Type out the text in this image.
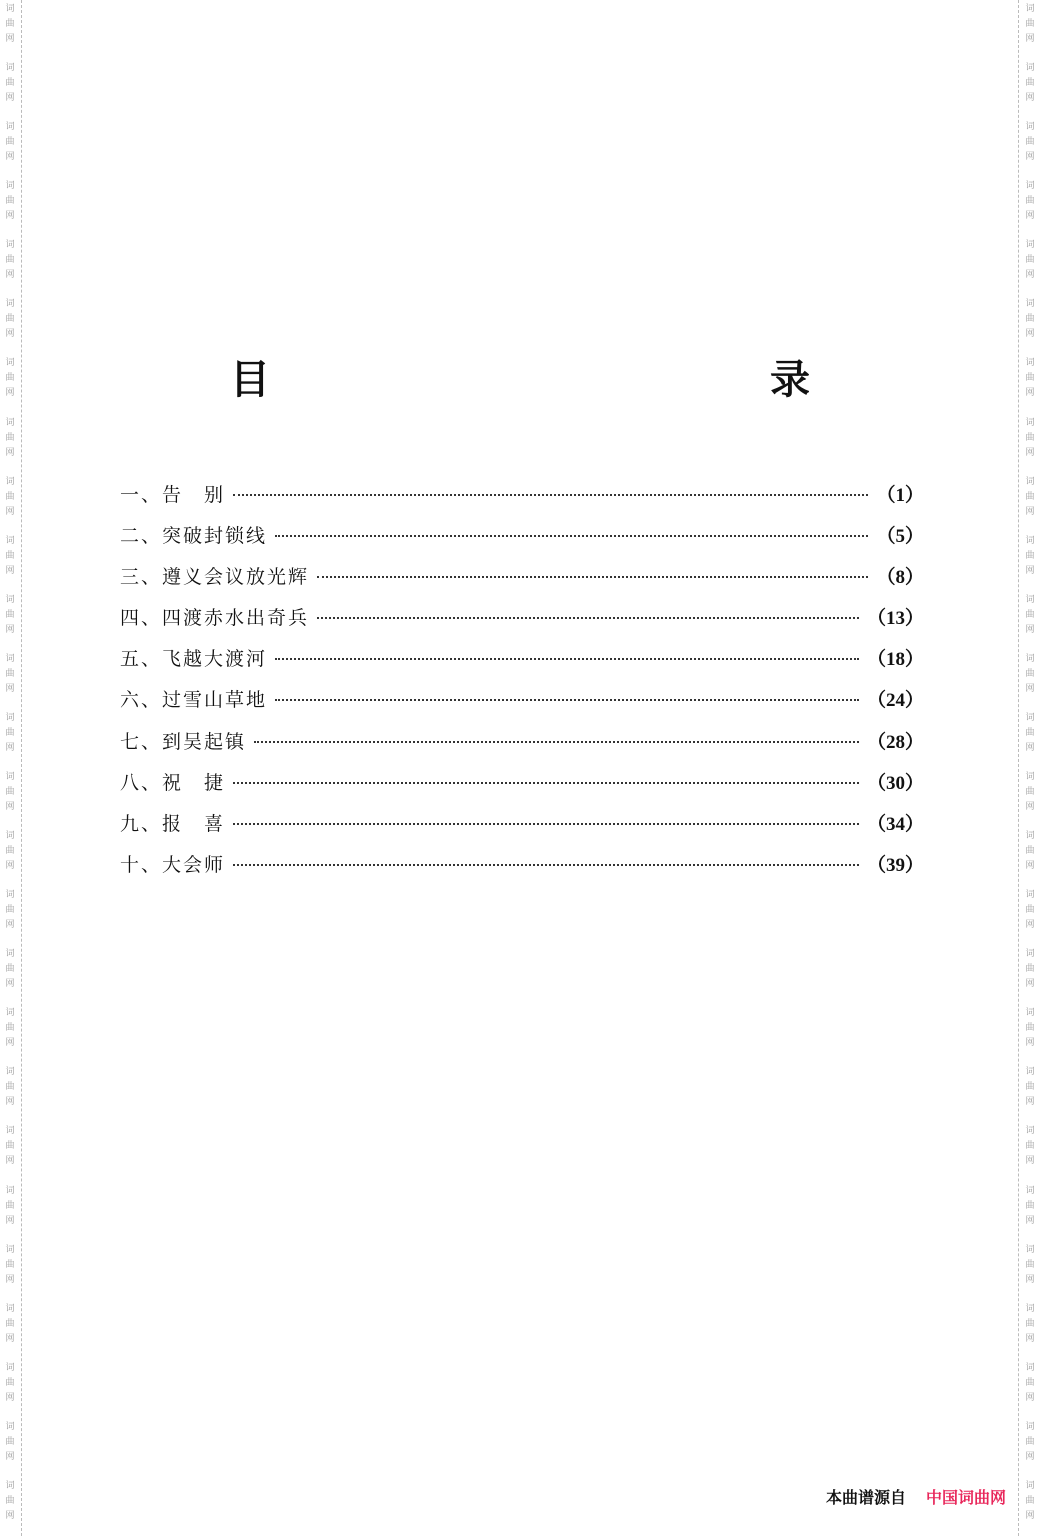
词
曲
网
词
曲
网
词
曲
网
词
曲
网
词
曲
网
词
曲
网
词
曲
网
词
曲
网
词
曲
网
词
曲
网
词
曲
网
词
曲
网
词
曲
网
词
曲
网
词
曲
网
词
曲
网
词
曲
网
词
曲
网
词
曲
网
词
曲
网
词
曲
网
词
曲
网
词
曲
网
词
曲
网
词
曲
网
词
曲
网
词
曲
网
词
曲
网
词
曲
网
词
曲
网
词
曲
网
词
曲
网
词
曲
网
词
曲
网
词
曲
网
词
曲
网
词
曲
网
词
曲
网
词
曲
网
词
曲
网
词
曲
网
词
曲
网
词
曲
网
词
曲
网
词
曲
网
词
曲
网
词
曲
网
词
曲
网
词
曲
网
词
曲
网
词
曲
网
词
曲
网
目　　录
一、告　别	（1）
二、突破封锁线	（5）
三、遵义会议放光辉	（8）
四、四渡赤水出奇兵	（13）
五、飞越大渡河	（18）
六、过雪山草地	（24）
七、到吴起镇	（28）
八、祝　捷	（30）
九、报　喜	（34）
十、大会师	（39）
本曲谱源自 中国词曲网
